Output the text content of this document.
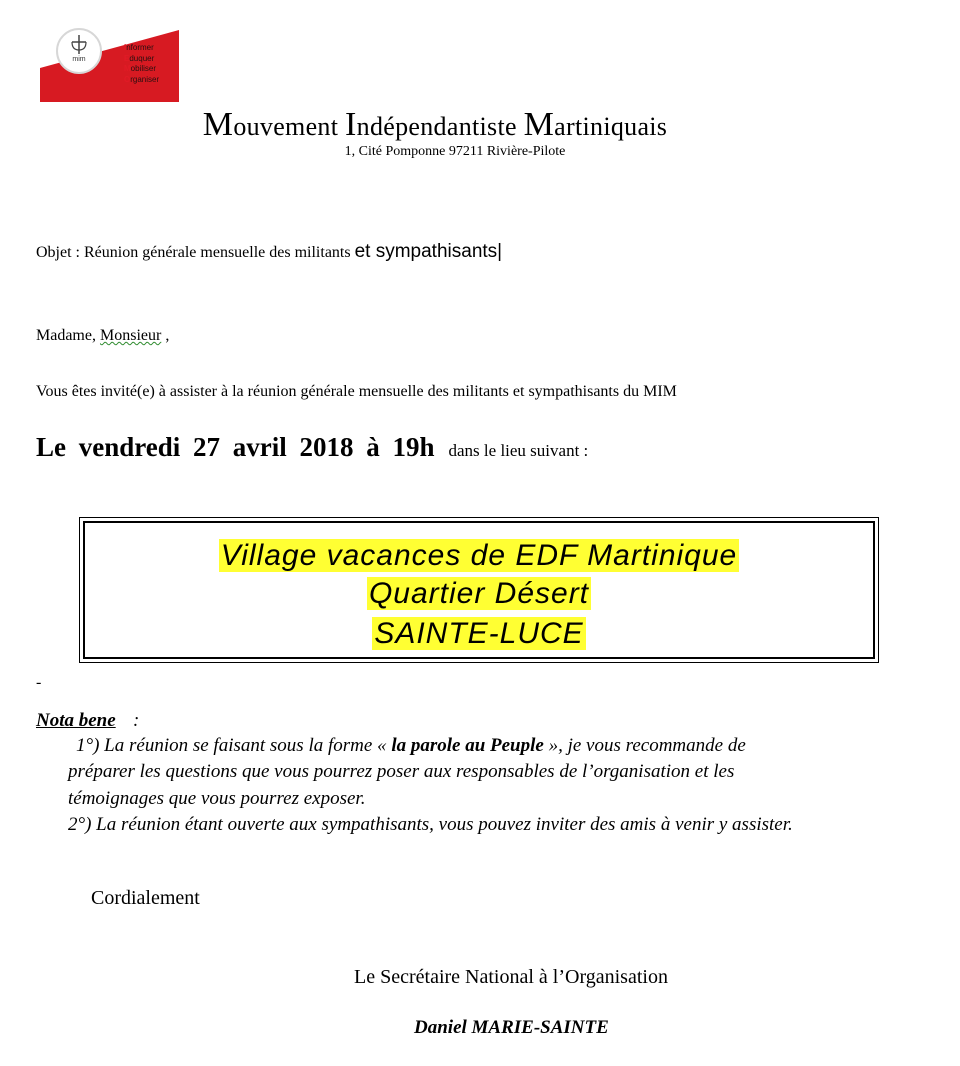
mim
Informer
Eduquer
Mobiliser
Organiser
Mouvement Indépendantiste Martiniquais
1, Cité Pomponne 97211 Rivière-Pilote
Objet : Réunion générale mensuelle des militants et sympathisants|
Madame, Monsieur ,
Vous êtes invité(e) à assister à la réunion générale mensuelle des militants et sympathisants du MIM
Le vendredi 27 avril 2018 à 19h dans le lieu suivant :
Village vacances de EDF Martinique
Quartier Désert
SAINTE-LUCE
-
Nota bene :
1°) La réunion se faisant sous la forme « la parole au Peuple », je vous recommande de
préparer les questions que vous pourrez poser aux responsables de l’organisation et les
témoignages que vous pourrez exposer.
2°) La réunion étant ouverte aux sympathisants, vous pouvez inviter des amis à venir y assister.
Cordialement
Le Secrétaire National à l’Organisation
Daniel MARIE-SAINTE
